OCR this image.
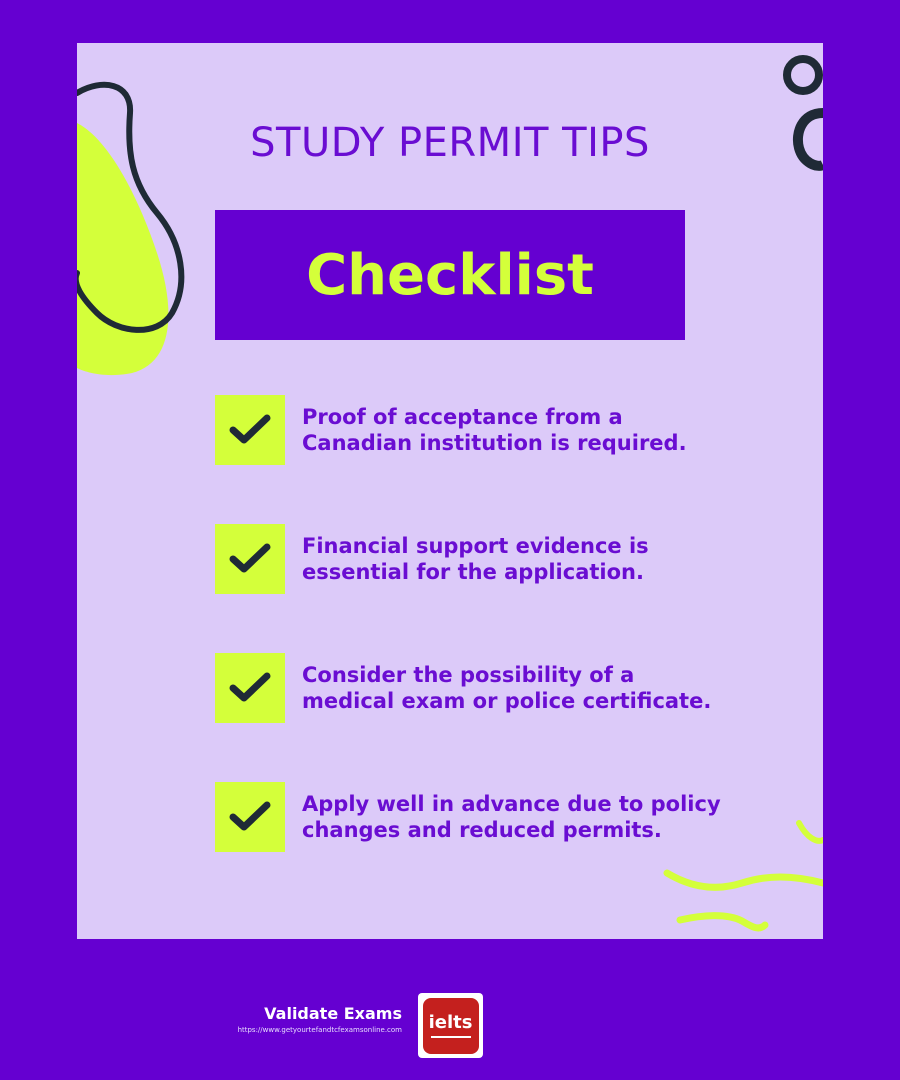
STUDY PERMIT TIPS
Checklist
Proof of acceptance from a Canadian institution is required.
Financial support evidence is essential for the application.
Consider the possibility of a medical exam or police certificate.
Apply well in advance due to policy changes and reduced permits.
Validate Exams
https://www.getyourtefandtcfexamsonline.com ielts
